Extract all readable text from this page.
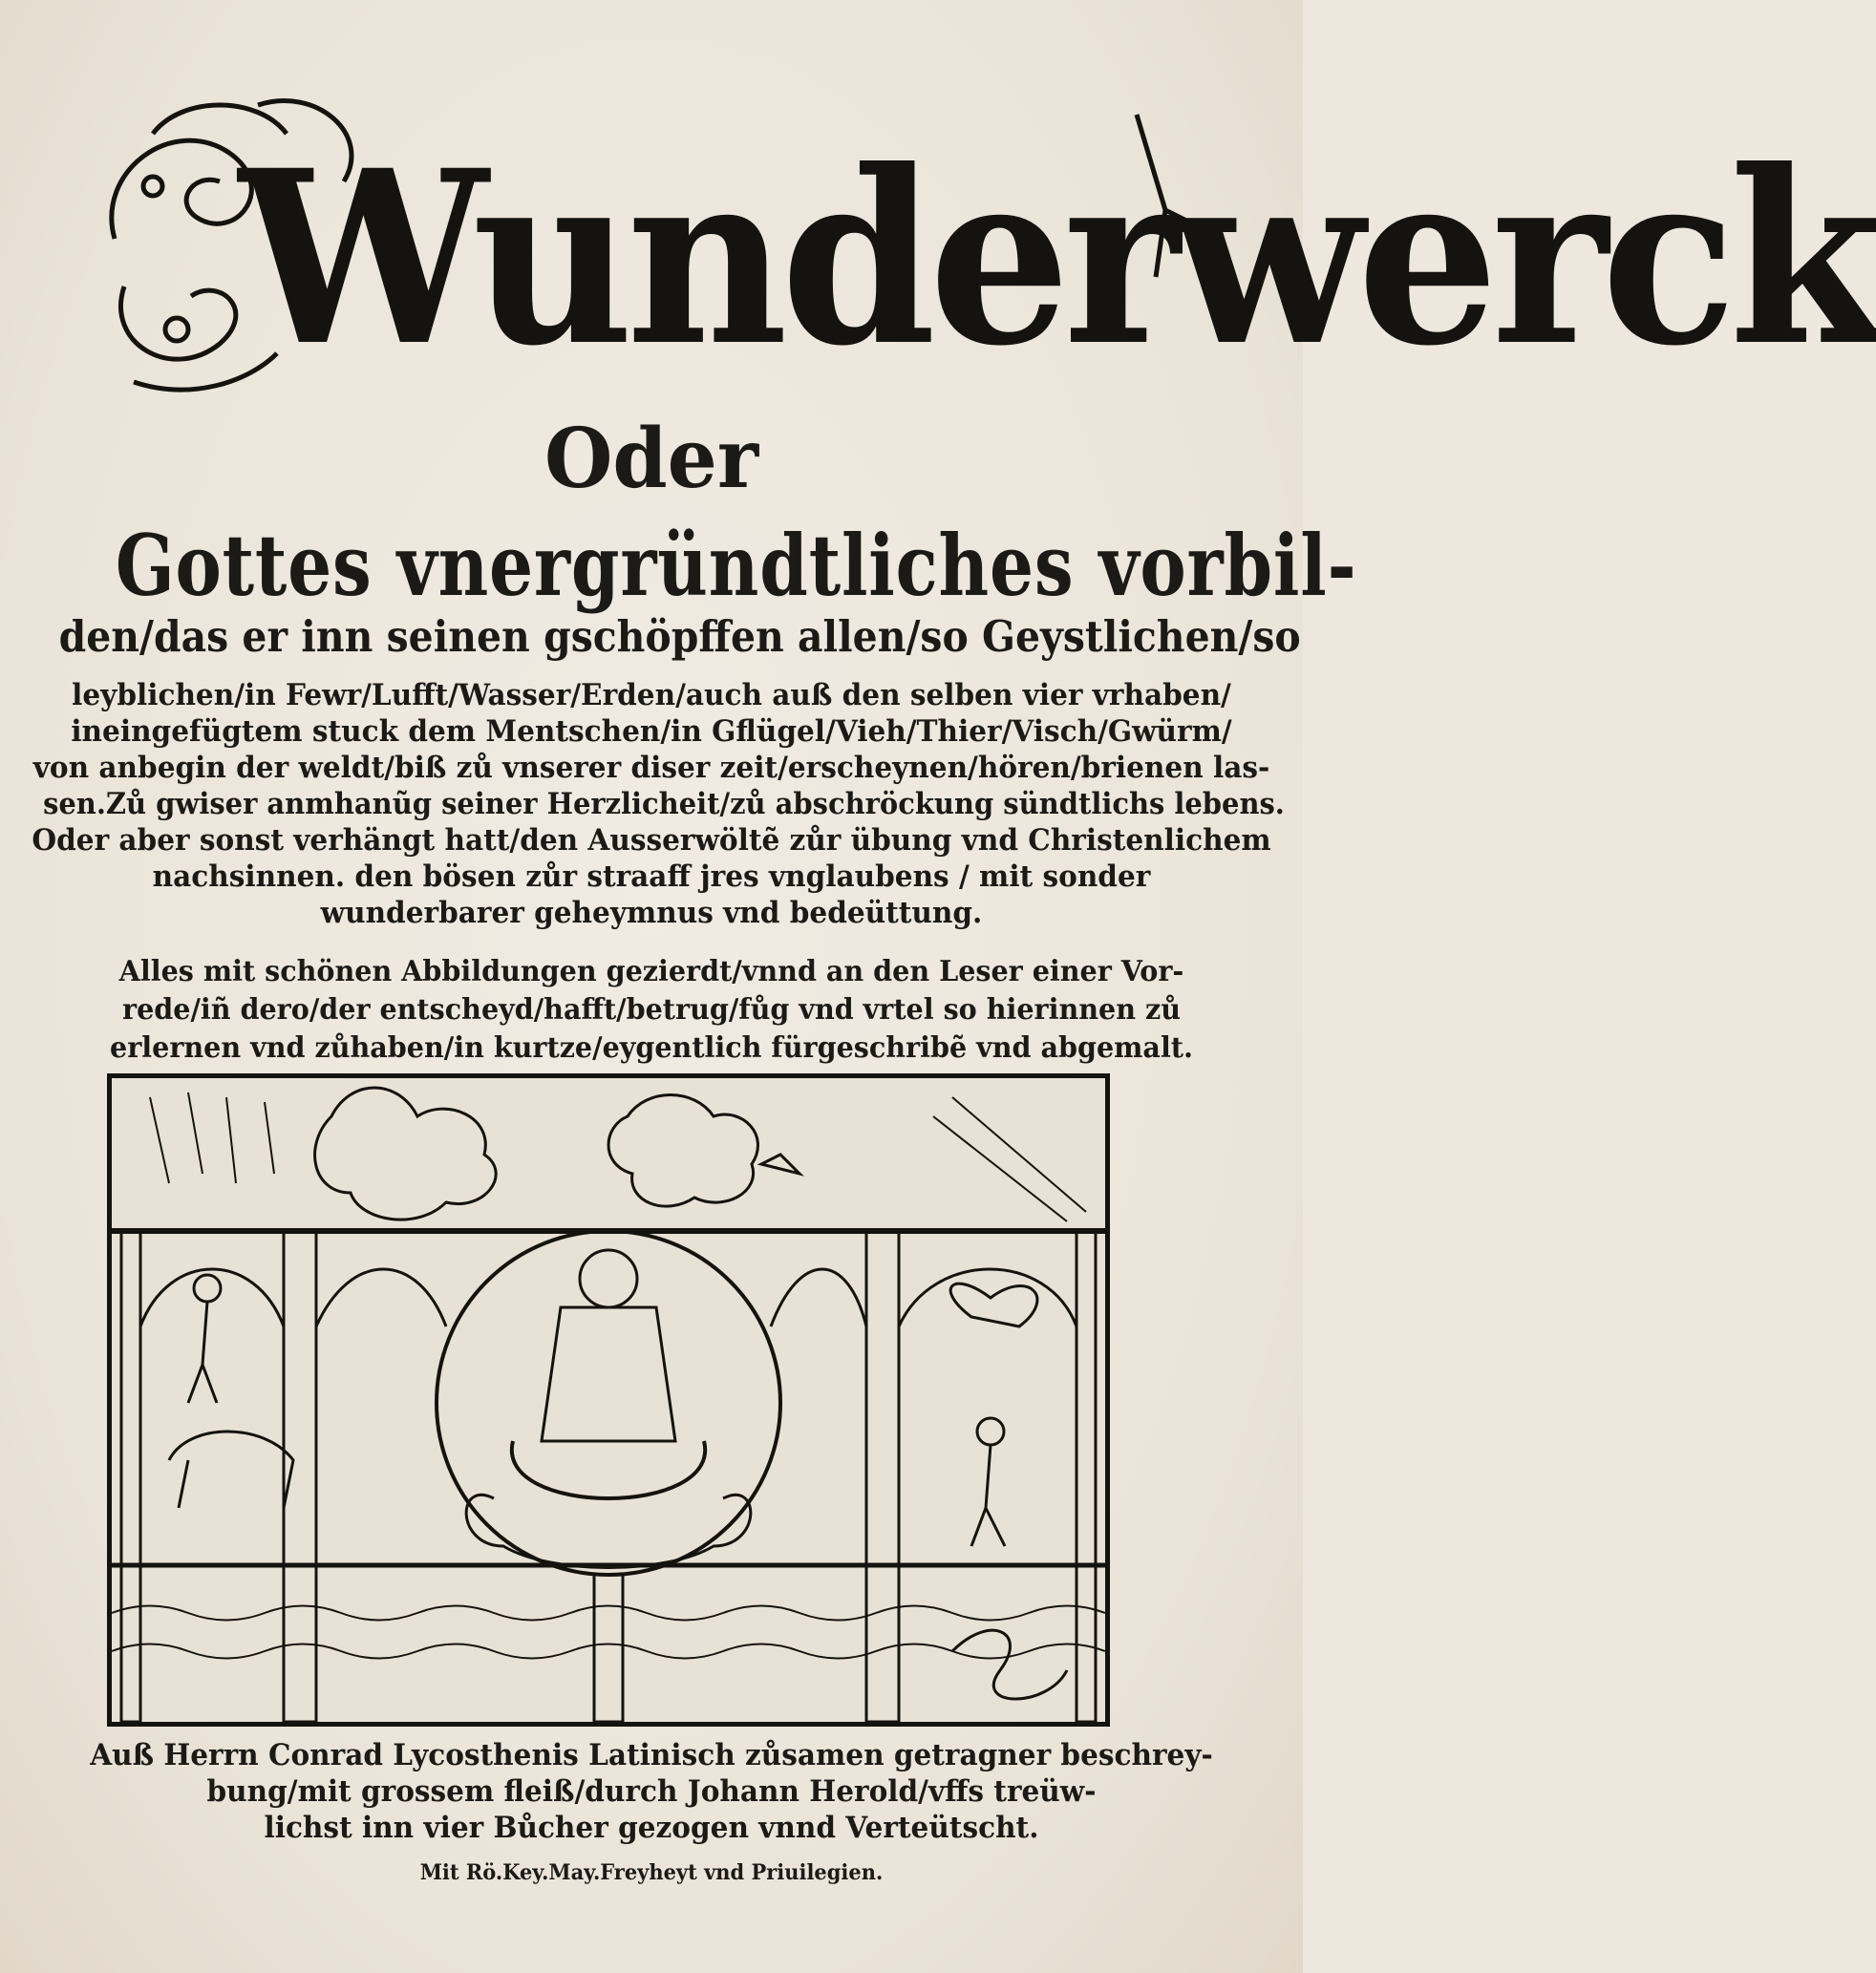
Wunderwerck
Oder
Gottes vnergründtliches vorbil-
den/das er inn seinen gschöpffen allen/so Geystlichen/so
leyblichen/in Fewr/Lufft/Wasser/Erden/auch auß den selben vier vrhaben/
ineingefügtem stuck dem Mentschen/in Gflügel/Vieh/Thier/Visch/Gwürm/
von anbegin der weldt/biß zů vnserer diser zeit/erscheynen/hören/brienen las-
sen.Zů gwiser anmhanũg seiner Herzlicheit/zů abschröckung sündtlichs lebens.
Oder aber sonst verhängt hatt/den Ausserwöltẽ zůr übung vnd Christenlichem
nachsinnen. den bösen zůr straaff jres vnglaubens / mit sonder
wunderbarer geheymnus vnd bedeüttung.
Alles mit schönen Abbildungen gezierdt/vnnd an den Leser einer Vor-
rede/iñ dero/der entscheyd/hafft/betrug/fůg vnd vrtel so hierinnen zů
erlernen vnd zůhaben/in kurtze/eygentlich fürgeschribẽ vnd abgemalt.
Auß Herrn Conrad Lycosthenis Latinisch zůsamen getragner beschrey-
bung/mit grossem fleiß/durch Johann Herold/vffs treüw-
lichst inn vier Bůcher gezogen vnnd Verteütscht.
Mit Rö.Key.May.Freyheyt vnd Priuilegien.
